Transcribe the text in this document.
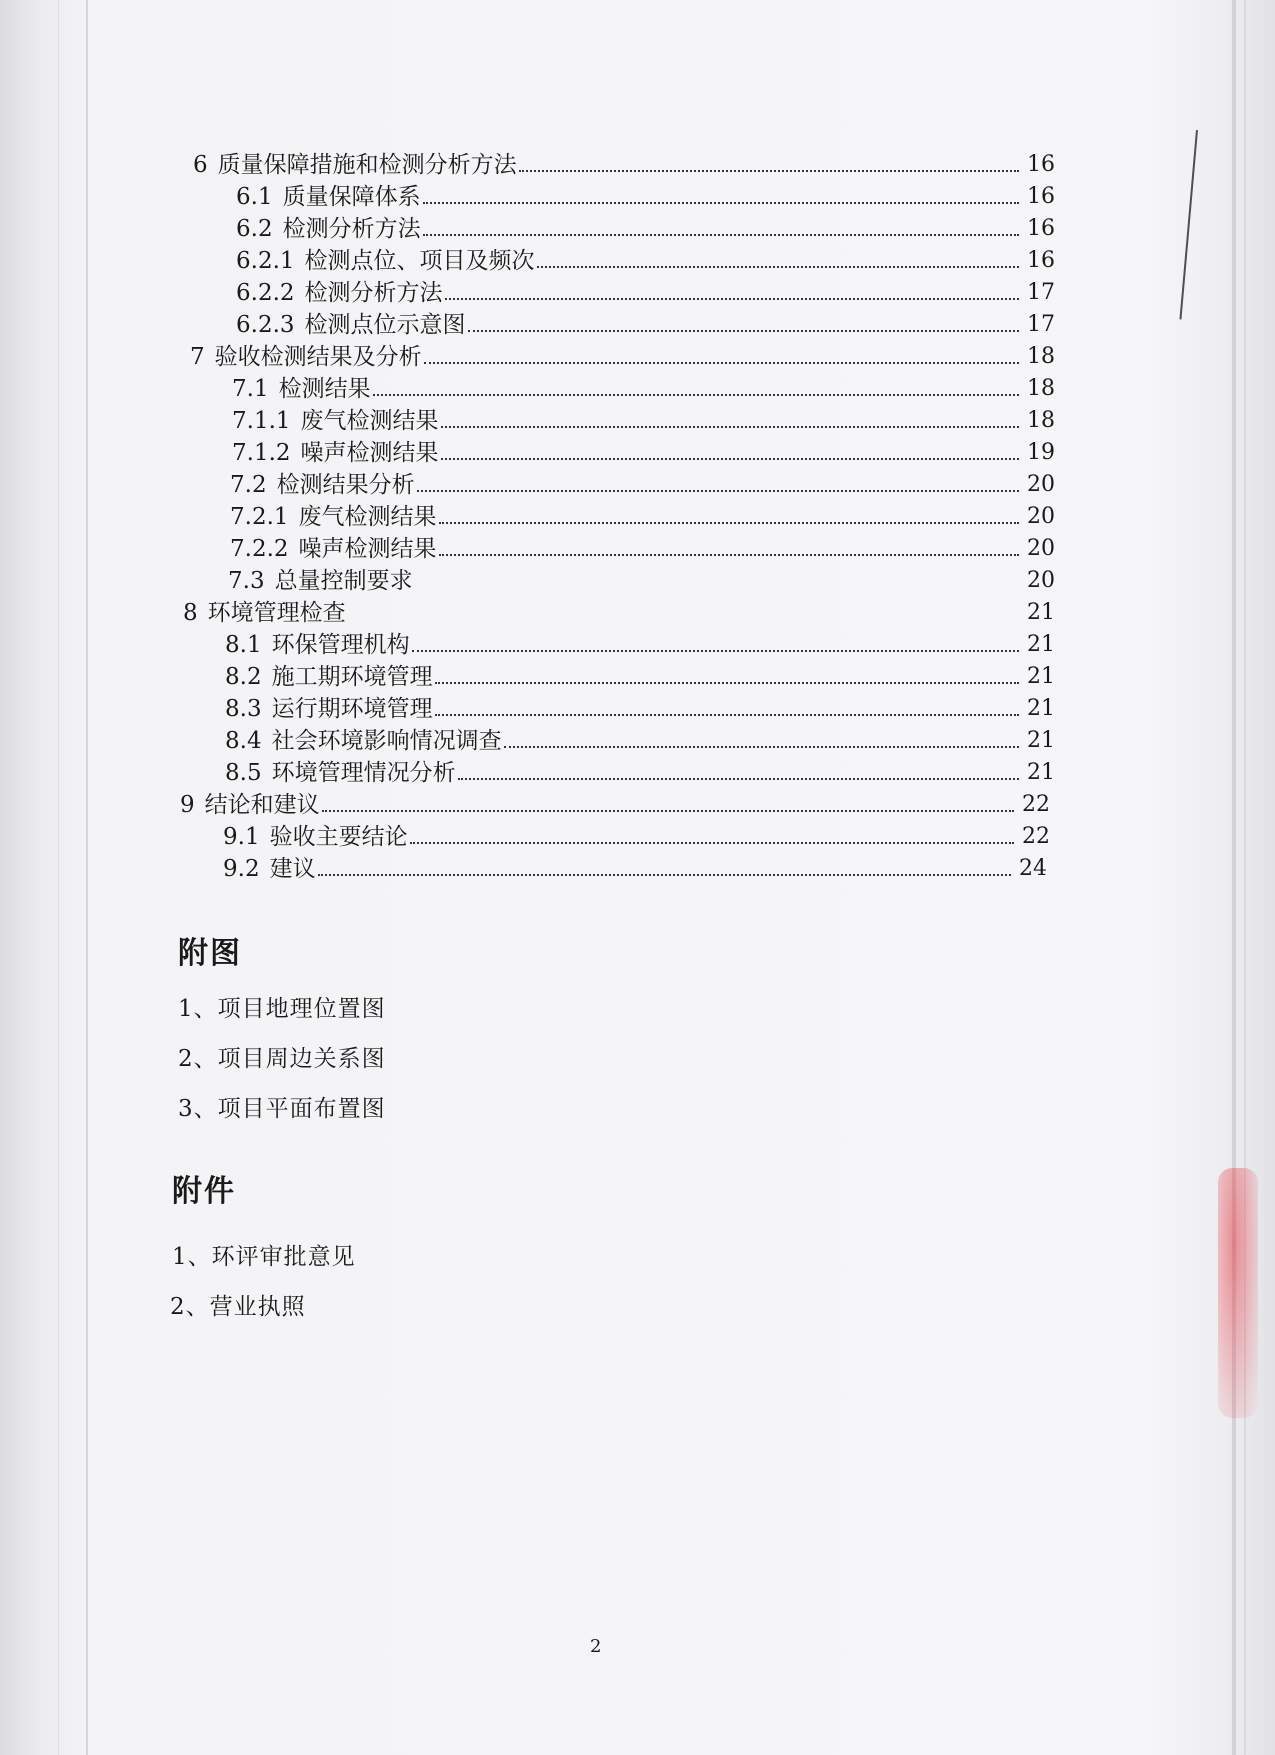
6 质量保障措施和检测分析方法	16
6.1 质量保障体系	16
6.2 检测分析方法	16
6.2.1 检测点位、项目及频次	16
6.2.2 检测分析方法	17
6.2.3 检测点位示意图	17
7 验收检测结果及分析	18
7.1 检测结果	18
7.1.1 废气检测结果	18
7.1.2 噪声检测结果	19
7.2 检测结果分析	20
7.2.1 废气检测结果	20
7.2.2 噪声检测结果	20
7.3 总量控制要求	20
8 环境管理检查	21
8.1 环保管理机构	21
8.2 施工期环境管理	21
8.3 运行期环境管理	21
8.4 社会环境影响情况调查	21
8.5 环境管理情况分析	21
9 结论和建议	22
9.1 验收主要结论	22
9.2 建议	24
附图
1、项目地理位置图
2、项目周边关系图
3、项目平面布置图
附件
1、环评审批意见
2、营业执照
2
